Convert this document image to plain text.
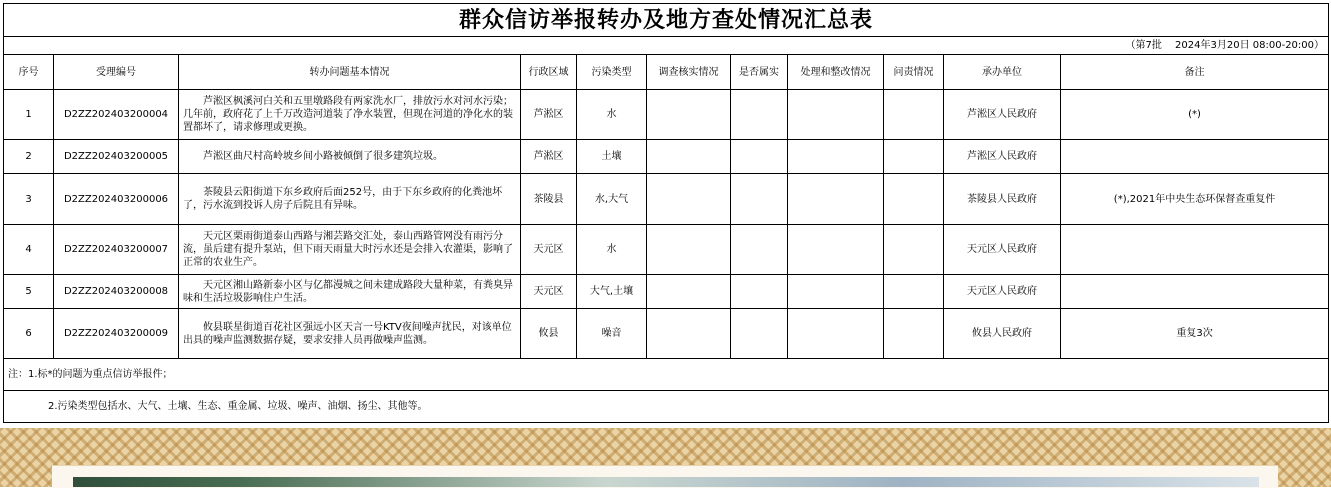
群众信访举报转办及地方查处情况汇总表										
（第7批　 2024年3月20日 08:00-20:00）										
序号	受理编号	转办问题基本情况	行政区域	污染类型	调查核实情况	是否属实	处理和整改情况	问责情况	承办单位	备注
1	D2ZZ202403200004	芦淞区枫溪河白关和五里墩路段有两家洗水厂，排放污水对河水污染；几年前，政府花了上千万改造河道装了净水装置，但现在河道的净化水的装置都坏了，请求修理或更换。	芦淞区	水					芦淞区人民政府	(*)
2	D2ZZ202403200005	芦淞区曲尺村高岭坡乡间小路被倾倒了很多建筑垃圾。	芦淞区	土壤					芦淞区人民政府	
3	D2ZZ202403200006	茶陵县云阳街道下东乡政府后面252号，由于下东乡政府的化粪池坏了，污水流到投诉人房子后院且有异味。	茶陵县	水,大气					茶陵县人民政府	(*),2021年中央生态环保督查重复件
4	D2ZZ202403200007	天元区栗雨街道泰山西路与湘芸路交汇处，泰山西路管网没有雨污分流，虽后建有提升泵站，但下雨天雨量大时污水还是会排入农灌渠，影响了正常的农业生产。	天元区	水					天元区人民政府	
5	D2ZZ202403200008	天元区湘山路新泰小区与亿都漫城之间未建成路段大量种菜，有粪臭异味和生活垃圾影响住户生活。	天元区	大气,土壤					天元区人民政府	
6	D2ZZ202403200009	攸县联星街道百花社区强远小区天言一号KTV夜间噪声扰民，对该单位出具的噪声监测数据存疑，要求安排人员再做噪声监测。	攸县	噪音					攸县人民政府	重复3次
注：1.标*的问题为重点信访举报件；										
2.污染类型包括水、大气、土壤、生态、重金属、垃圾、噪声、油烟、扬尘、其他等。										
